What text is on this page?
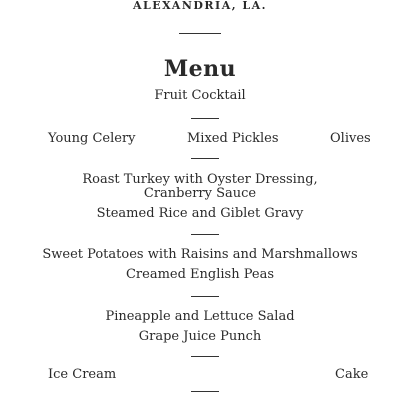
ALEXANDRIA, LA.
Menu
Fruit Cocktail
Young Celery	Mixed Pickles	Olives
Roast Turkey with Oyster Dressing,
Cranberry Sauce
Steamed Rice and Giblet Gravy
Sweet Potatoes with Raisins and Marshmallows
Creamed English Peas
Pineapple and Lettuce Salad
Grape Juice Punch
Ice Cream	Cake
